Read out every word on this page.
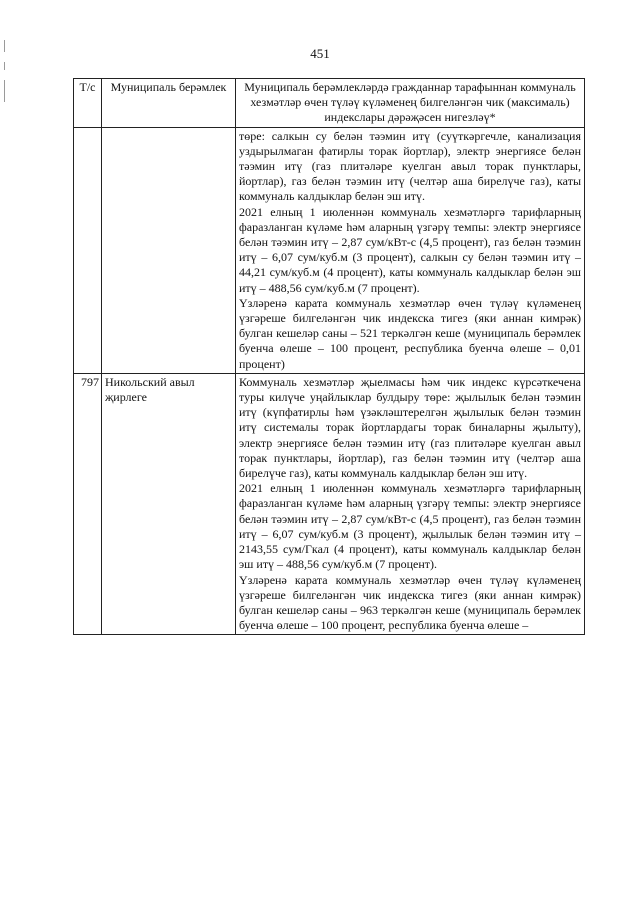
451
Т/с	Муниципаль берәмлек	Муниципаль берәмлекләрдә гражданнар тарафыннан коммуналь хезмәтләр өчен түләү күләменең билгеләнгән чик (максималь) индекслары дәрәҗәсен нигезләү*

		төре: салкын су белән тәэмин итү (суүткәргечле, канализация уздырылмаган фатирлы торак йортлар), электр энергиясе белән тәэмин итү (газ плитәләре куелган авыл торак пунктлары, йортлар), газ белән тәэмин итү (челтәр аша бирелүче газ), каты коммуналь калдыклар белән эш итү.

2021 елның 1 июленнән коммуналь хезмәтләргә тарифларның фаразланган күләме һәм аларның үзгәрү темпы: электр энергиясе белән тәэмин итү – 2,87 сум/кВт-с (4,5 процент), газ белән тәэмин итү – 6,07 сум/куб.м (3 процент), салкын су белән тәэмин итү – 44,21 сум/куб.м (4 процент), каты коммуналь калдыклар белән эш итү – 488,56 сум/куб.м (7 процент).

Үзләренә карата коммуналь хезмәтләр өчен түләү күләменең үзгәреше билгеләнгән чик индекска тигез (яки аннан кимрәк) булган кешеләр саны – 521 теркәлгән кеше (муниципаль берәмлек буенча өлеше – 100 процент, республика буенча өлеше – 0,01 процент)

797	Никольский авыл җирлеге	Коммуналь хезмәтләр җыелмасы һәм чик индекс күрсәткечена туры килүче уңайлыклар булдыру төре: җылылык белән тәэмин итү (күпфатирлы һәм үзәкләштерелгән җылылык белән тәэмин итү системалы торак йортлардагы торак биналарны җылыту), электр энергиясе белән тәэмин итү (газ плитәләре куелган авыл торак пунктлары, йортлар), газ белән тәэмин итү (челтәр аша бирелүче газ), каты коммуналь калдыклар белән эш итү.

2021 елның 1 июленнән коммуналь хезмәтләргә тарифларның фаразланган күләме һәм аларның үзгәрү темпы: электр энергиясе белән тәэмин итү – 2,87 сум/кВт-с (4,5 процент), газ белән тәэмин итү – 6,07 сум/куб.м (3 процент), җылылык белән тәэмин итү – 2143,55 сум/Гкал (4 процент), каты коммуналь калдыклар белән эш итү – 488,56 сум/куб.м (7 процент).

Үзләренә карата коммуналь хезмәтләр өчен түләү күләменең үзгәреше билгеләнгән чик индекска тигез (яки аннан кимрәк) булган кешеләр саны – 963 теркәлгән кеше (муниципаль берәмлек буенча өлеше – 100 процент, республика буенча өлеше –
